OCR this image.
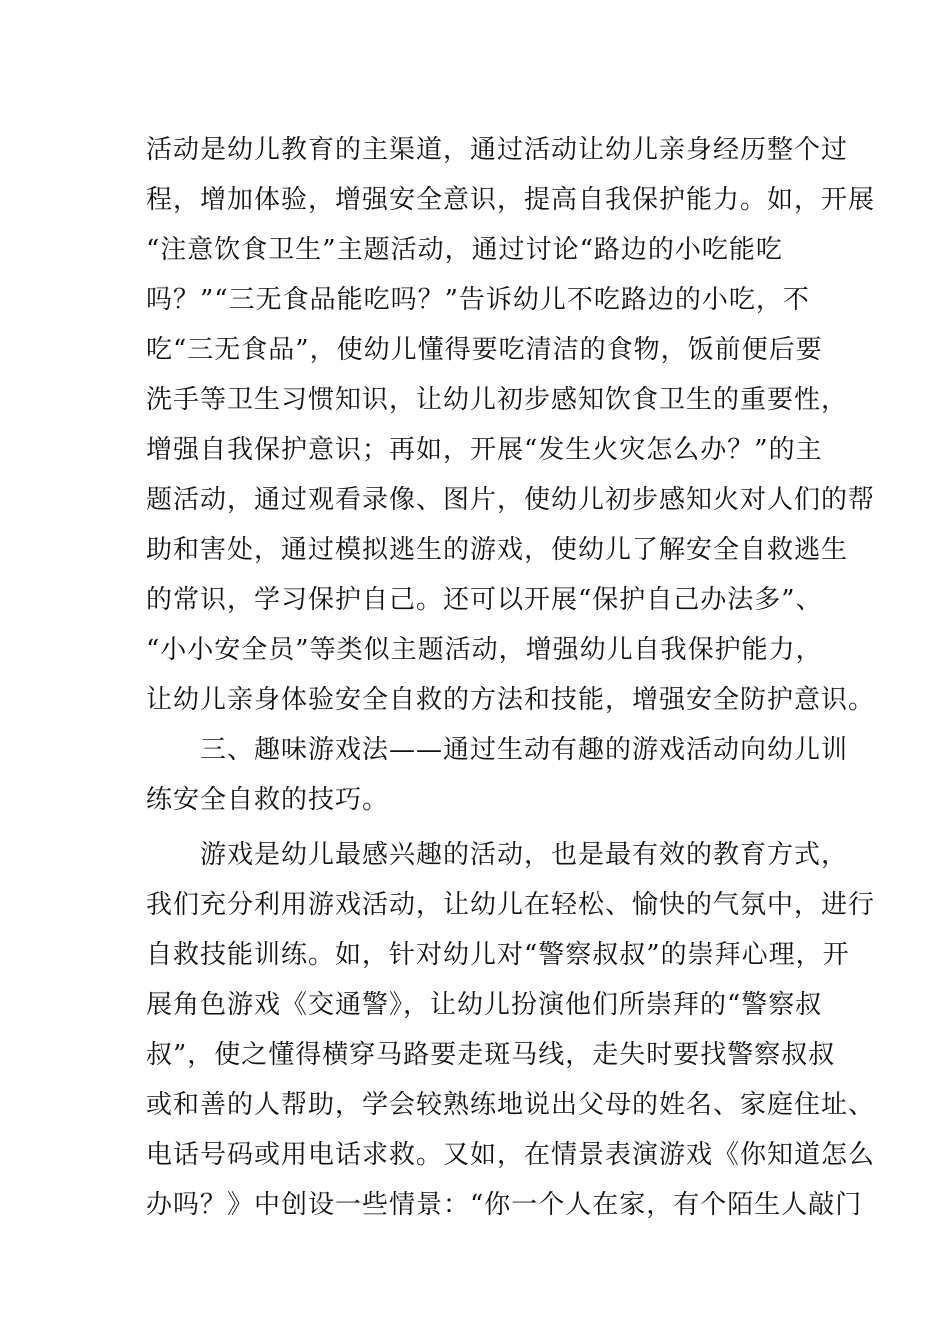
活动是幼儿教育的主渠道，通过活动让幼儿亲身经历整个过
程，增加体验，增强安全意识，提高自我保护能力。如，开展
“注意饮食卫生”主题活动，通过讨论“路边的小吃能吃
吗？”“三无食品能吃吗？”告诉幼儿不吃路边的小吃，不
吃“三无食品”，使幼儿懂得要吃清洁的食物，饭前便后要
洗手等卫生习惯知识，让幼儿初步感知饮食卫生的重要性，
增强自我保护意识；再如，开展“发生火灾怎么办？”的主
题活动，通过观看录像、图片，使幼儿初步感知火对人们的帮
助和害处，通过模拟逃生的游戏，使幼儿了解安全自救逃生
的常识，学习保护自己。还可以开展“保护自己办法多”、
“小小安全员”等类似主题活动，增强幼儿自我保护能力，
让幼儿亲身体验安全自救的方法和技能，增强安全防护意识。
　　三、趣味游戏法——通过生动有趣的游戏活动向幼儿训
练安全自救的技巧。
　　游戏是幼儿最感兴趣的活动，也是最有效的教育方式，
我们充分利用游戏活动，让幼儿在轻松、愉快的气氛中，进行
自救技能训练。如，针对幼儿对“警察叔叔”的崇拜心理，开
展角色游戏《交通警》，让幼儿扮演他们所崇拜的“警察叔
叔”，使之懂得横穿马路要走斑马线，走失时要找警察叔叔
或和善的人帮助，学会较熟练地说出父母的姓名、家庭住址、
电话号码或用电话求救。又如，在情景表演游戏《你知道怎么
办吗？》中创设一些情景：“你一个人在家，有个陌生人敲门
